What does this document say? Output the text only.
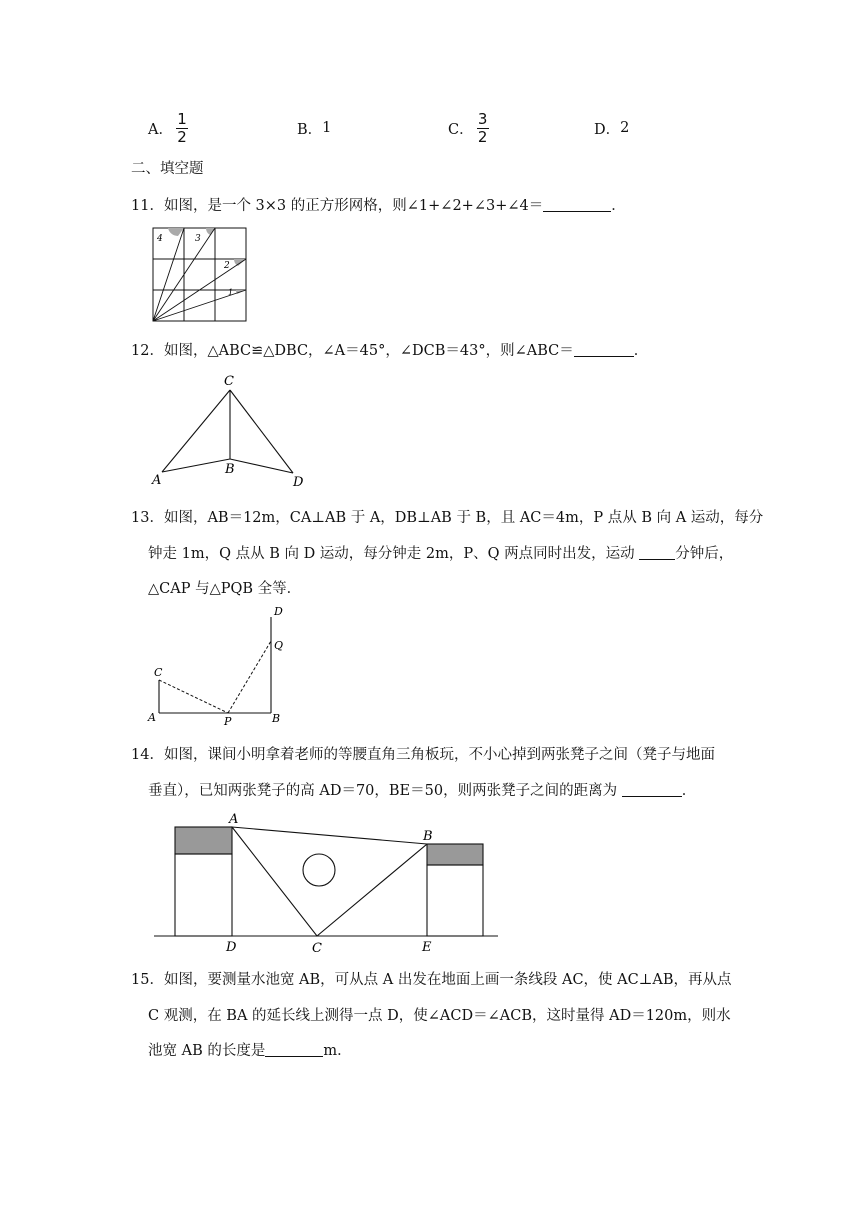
A． $\frac{1}{2}$	B． 1	C． $\frac{3}{2}$	D． 2
二、填空题
11．如图，是一个 3×3 的正方形网格，则∠1+∠2+∠3+∠4＝	．
4	3
2
1
12．如图，△ABC≌△DBC，∠A＝45°，∠DCB＝43°，则∠ABC＝	．
C
A
B
D
13．如图，AB＝12m，CA⊥AB 于 A，DB⊥AB 于 B，且 AC＝4m，P 点从 B 向 A 运动，每分
钟走 1m，Q 点从 B 向 D 运动，每分钟走 2m，P、Q 两点同时出发，运动	分钟后，
△CAP 与△PQB 全等．
D
Q
C
A	P	B
14．如图，课间小明拿着老师的等腰直角三角板玩，不小心掉到两张凳子之间（凳子与地面
垂直），已知两张凳子的高 AD＝70，BE＝50，则两张凳子之间的距离为	．
A
B
D	C	E
15．如图，要测量水池宽 AB，可从点 A 出发在地面上画一条线段 AC，使 AC⊥AB，再从点
C 观测，在 BA 的延长线上测得一点 D，使∠ACD＝∠ACB，这时量得 AD＝120m，则水
池宽 AB 的长度是	m．
